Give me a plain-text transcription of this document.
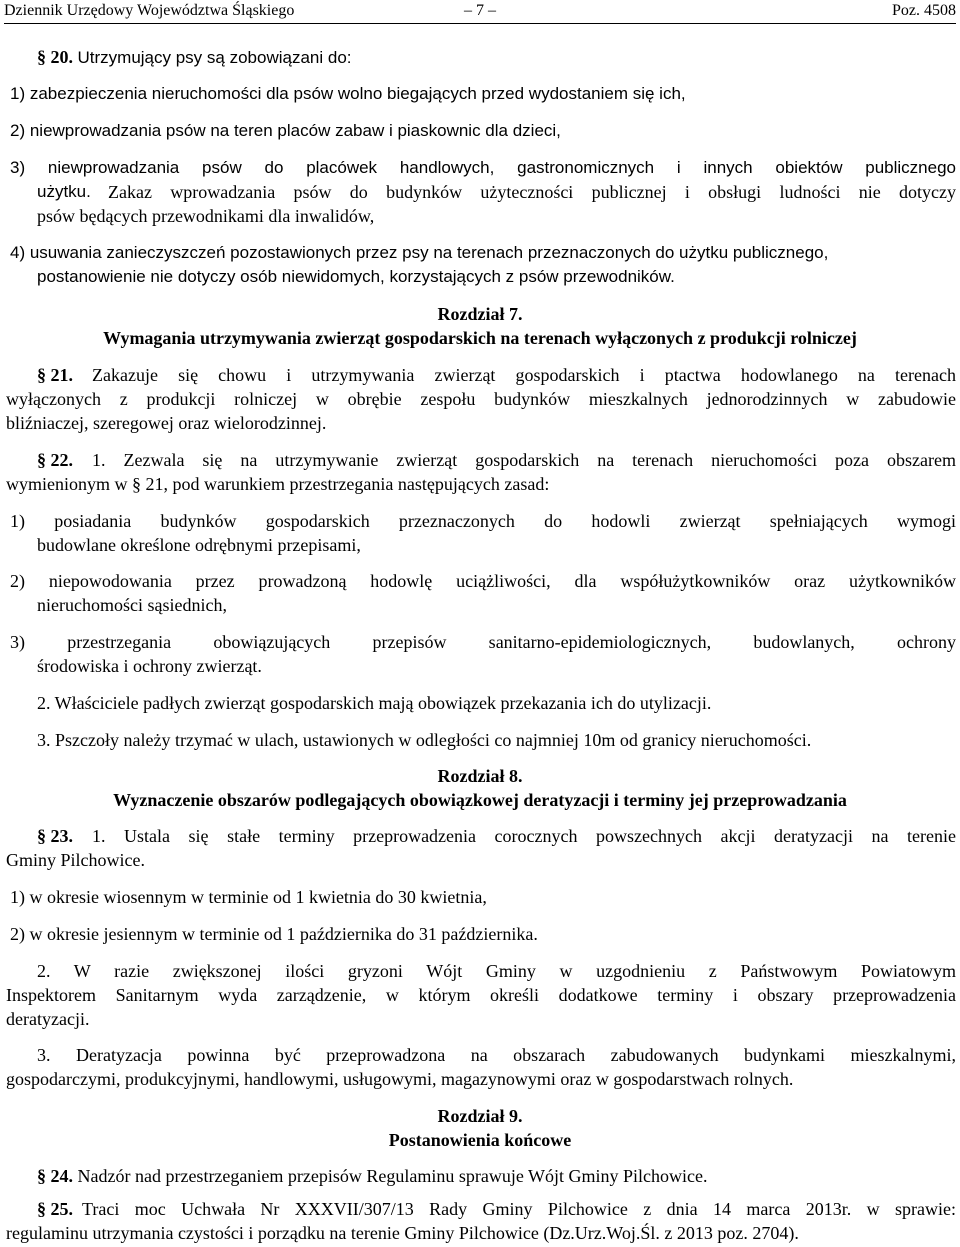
Dziennik Urzędowy Województwa Śląskiego	– 7 –	Poz. 4508
§ 20. Utrzymujący psy są zobowiązani do:
1) zabezpieczenia nieruchomości dla psów wolno biegających przed wydostaniem się ich,
2) niewprowadzania psów na teren placów zabaw i piaskownic dla dzieci,
3) niewprowadzania psów do placówek handlowych, gastronomicznych i innych obiektów publicznego
użytku. Zakaz wprowadzania psów do budynków użyteczności publicznej i obsługi ludności nie dotyczy
psów będących przewodnikami dla inwalidów,
4) usuwania zanieczyszczeń pozostawionych przez psy na terenach przeznaczonych do użytku publicznego,
postanowienie nie dotyczy osób niewidomych, korzystających z psów przewodników.
Rozdział 7.
Wymagania utrzymywania zwierząt gospodarskich na terenach wyłączonych z produkcji rolniczej
§ 21. Zakazuje się chowu i utrzymywania zwierząt gospodarskich i ptactwa hodowlanego na terenach
wyłączonych z produkcji rolniczej w obrębie zespołu budynków mieszkalnych jednorodzinnych w zabudowie
bliźniaczej, szeregowej oraz wielorodzinnej.
§ 22. 1. Zezwala się na utrzymywanie zwierząt gospodarskich na terenach nieruchomości poza obszarem
wymienionym w § 21, pod warunkiem przestrzegania następujących zasad:
1) posiadania budynków gospodarskich przeznaczonych do hodowli zwierząt spełniających wymogi
budowlane określone odrębnymi przepisami,
2) niepowodowania przez prowadzoną hodowlę uciążliwości, dla współużytkowników oraz użytkowników
nieruchomości sąsiednich,
3) przestrzegania obowiązujących przepisów sanitarno-epidemiologicznych, budowlanych, ochrony
środowiska i ochrony zwierząt.
2. Właściciele padłych zwierząt gospodarskich mają obowiązek przekazania ich do utylizacji.
3. Pszczoły należy trzymać w ulach, ustawionych w odległości co najmniej 10m od granicy nieruchomości.
Rozdział 8.
Wyznaczenie obszarów podlegających obowiązkowej deratyzacji i terminy jej przeprowadzania
§ 23. 1. Ustala się stałe terminy przeprowadzenia corocznych powszechnych akcji deratyzacji na terenie
Gminy Pilchowice.
1) w okresie wiosennym w terminie od 1 kwietnia do 30 kwietnia,
2) w okresie jesiennym w terminie od 1 października do 31 października.
2. W razie zwiększonej ilości gryzoni Wójt Gminy w uzgodnieniu z Państwowym Powiatowym
Inspektorem Sanitarnym wyda zarządzenie, w którym określi dodatkowe terminy i obszary przeprowadzenia
deratyzacji.
3. Deratyzacja powinna być przeprowadzona na obszarach zabudowanych budynkami mieszkalnymi,
gospodarczymi, produkcyjnymi, handlowymi, usługowymi, magazynowymi oraz w gospodarstwach rolnych.
Rozdział 9.
Postanowienia końcowe
§ 24. Nadzór nad przestrzeganiem przepisów Regulaminu sprawuje Wójt Gminy Pilchowice.
§ 25. Traci moc Uchwała Nr XXXVII/307/13 Rady Gminy Pilchowice z dnia 14 marca 2013r. w sprawie:
regulaminu utrzymania czystości i porządku na terenie Gminy Pilchowice (Dz.Urz.Woj.Śl. z 2013 poz. 2704).
